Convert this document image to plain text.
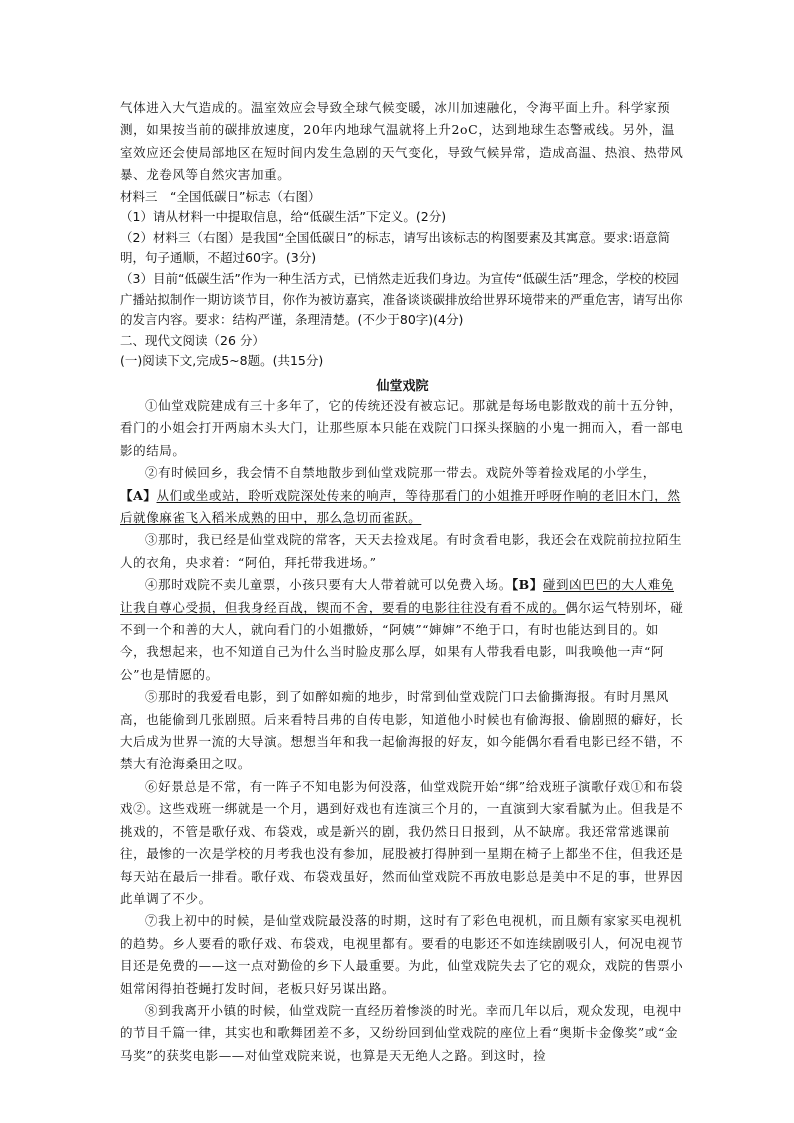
气体进入大气造成的。温室效应会导致全球气候变暖，冰川加速融化，令海平面上升。科学家预测，如果按当前的碳排放速度，20年内地球气温就将上升2oC，达到地球生态警戒线。另外，温室效应还会使局部地区在短时间内发生急剧的天气变化，导致气候异常，造成高温、热浪、热带风暴、龙卷风等自然灾害加重。

材料三　“全国低碳日”标志（右图）

（1）请从材料一中提取信息，给“低碳生活”下定义。(2分)

（2）材料三（右图）是我国“全国低碳日”的标志，请写出该标志的构图要素及其寓意。要求:语意简明，句子通顺，不超过60字。(3分)

（3）目前“低碳生活”作为一种生活方式，已悄然走近我们身边。为宣传“低碳生活”理念，学校的校园广播站拟制作一期访谈节目，你作为被访嘉宾，准备谈谈碳排放给世界环境带来的严重危害，请写出你的发言内容。要求：结构严谨，条理清楚。(不少于80字)(4分)

二、现代文阅读（26 分）

(一)阅读下文,完成5~8题。(共15分)

仙堂戏院

①仙堂戏院建成有三十多年了，它的传统还没有被忘记。那就是每场电影散戏的前十五分钟，看门的小姐会打开两扇木头大门，让那些原本只能在戏院门口探头探脑的小鬼一拥而入，看一部电影的结局。

②有时候回乡，我会情不自禁地散步到仙堂戏院那一带去。戏院外等着捡戏尾的小学生，【A】从们或坐或站，聆听戏院深处传来的响声，等待那看门的小姐推开呼呀作响的老旧木门，然后就像麻雀飞入稻米成熟的田中，那么急切而雀跃。

③那时，我已经是仙堂戏院的常客，天天去捡戏尾。有时贪看电影，我还会在戏院前拉拉陌生人的衣角，央求着：“阿伯，拜托带我进场。”

④那时戏院不卖儿童票，小孩只要有大人带着就可以免费入场。【B】碰到凶巴巴的大人难免让我自尊心受损，但我身经百战，锲而不舍，要看的电影往往没有看不成的。偶尔运气特别坏，碰不到一个和善的大人，就向看门的小姐撒娇，“阿姨”“婶婶”不绝于口，有时也能达到目的。如今，我想起来，也不知道自己为什么当时脸皮那么厚，如果有人带我看电影，叫我唤他一声“阿公”也是情愿的。

⑤那时的我爱看电影，到了如醉如痴的地步，时常到仙堂戏院门口去偷撕海报。有时月黑风高，也能偷到几张剧照。后来看特吕弗的自传电影，知道他小时候也有偷海报、偷剧照的癖好，长大后成为世界一流的大导演。想想当年和我一起偷海报的好友，如今能偶尔看看电影已经不错，不禁大有沧海桑田之叹。

⑥好景总是不常，有一阵子不知电影为何没落，仙堂戏院开始“绑”给戏班子演歌仔戏①和布袋戏②。这些戏班一绑就是一个月，遇到好戏也有连演三个月的，一直演到大家看腻为止。但我是不挑戏的，不管是歌仔戏、布袋戏，或是新兴的剧，我仍然日日报到，从不缺席。我还常常逃课前往，最惨的一次是学校的月考我也没有参加，屁股被打得肿到一星期在椅子上都坐不住，但我还是每天站在最后一排看。歌仔戏、布袋戏虽好，然而仙堂戏院不再放电影总是美中不足的事，世界因此单调了不少。

⑦我上初中的时候，是仙堂戏院最没落的时期，这时有了彩色电视机，而且颇有家家买电视机的趋势。乡人要看的歌仔戏、布袋戏，电视里都有。要看的电影还不如连续剧吸引人，何况电视节目还是免费的——这一点对勤俭的乡下人最重要。为此，仙堂戏院失去了它的观众，戏院的售票小姐常闲得拍苍蝇打发时间，老板只好另谋出路。

⑧到我离开小镇的时候，仙堂戏院一直经历着惨淡的时光。幸而几年以后，观众发现，电视中的节目千篇一律，其实也和歌舞团差不多，又纷纷回到仙堂戏院的座位上看“奥斯卡金像奖”或“金马奖”的获奖电影——对仙堂戏院来说，也算是天无绝人之路。到这时，捡
